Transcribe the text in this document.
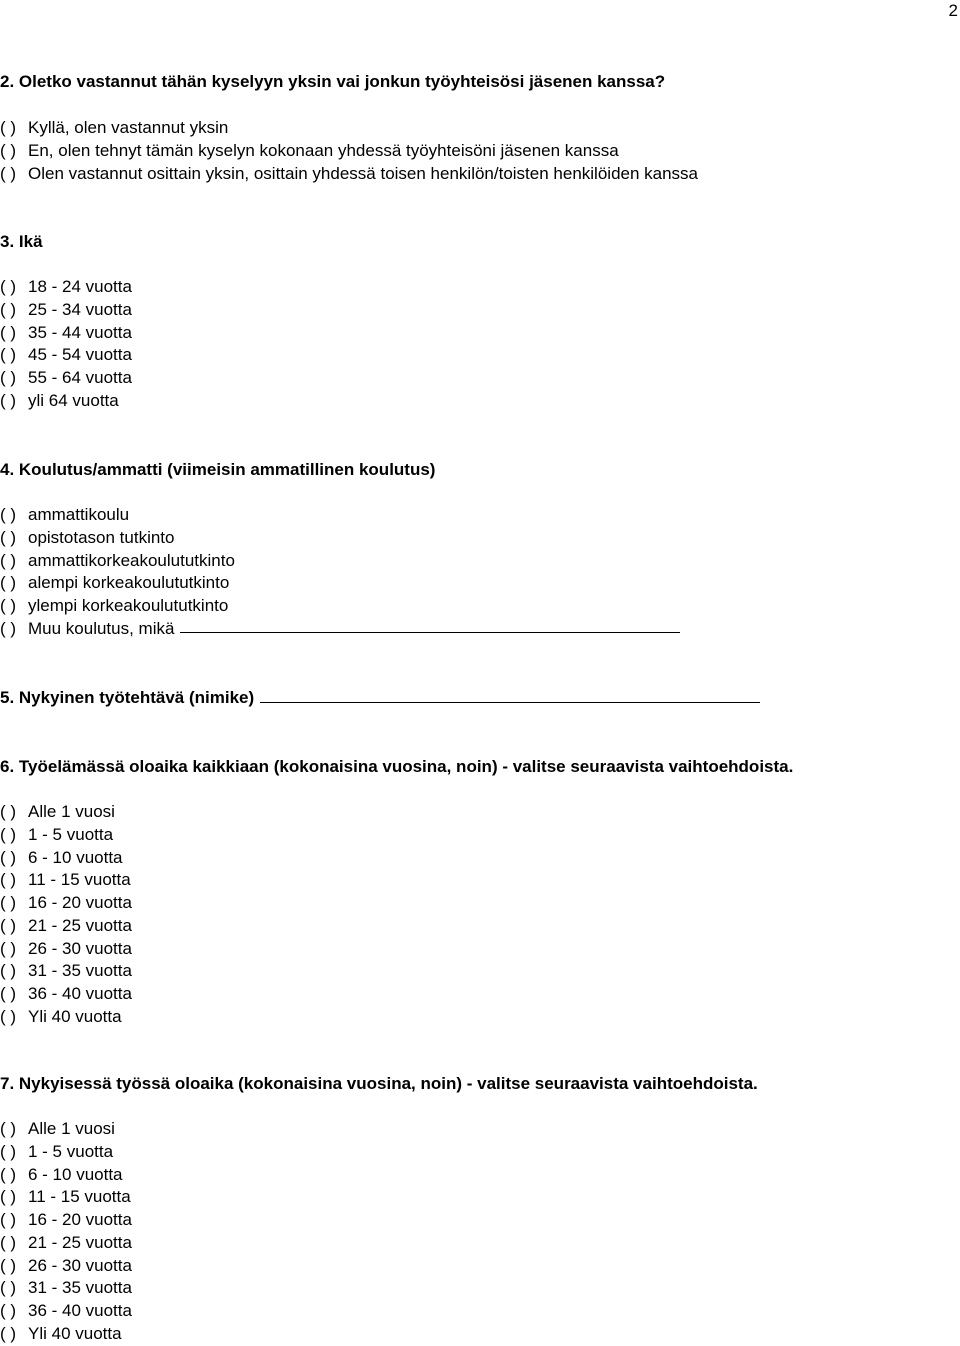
2
2. Oletko vastannut tähän kyselyyn yksin vai jonkun työyhteisösi jäsenen kanssa?
( ) Kyllä, olen vastannut yksin
( ) En, olen tehnyt tämän kyselyn kokonaan yhdessä työyhteisöni jäsenen kanssa
( ) Olen vastannut osittain yksin, osittain yhdessä toisen henkilön/toisten henkilöiden kanssa
3. Ikä
( ) 18 - 24 vuotta
( ) 25 - 34 vuotta
( ) 35 - 44 vuotta
( ) 45 - 54 vuotta
( ) 55 - 64 vuotta
( ) yli 64 vuotta
4. Koulutus/ammatti (viimeisin ammatillinen koulutus)
( ) ammattikoulu
( ) opistotason tutkinto
( ) ammattikorkeakoulututkinto
( ) alempi korkeakoulututkinto
( ) ylempi korkeakoulututkinto
( ) Muu koulutus, mikä
5. Nykyinen työtehtävä (nimike)
6. Työelämässä oloaika kaikkiaan (kokonaisina vuosina, noin) - valitse seuraavista vaihtoehdoista.
( ) Alle 1 vuosi
( ) 1 - 5 vuotta
( ) 6 - 10 vuotta
( ) 11 - 15 vuotta
( ) 16 - 20 vuotta
( ) 21 - 25 vuotta
( ) 26 - 30 vuotta
( ) 31 - 35 vuotta
( ) 36 - 40 vuotta
( ) Yli 40 vuotta
7. Nykyisessä työssä oloaika (kokonaisina vuosina, noin) - valitse seuraavista vaihtoehdoista.
( ) Alle 1 vuosi
( ) 1 - 5 vuotta
( ) 6 - 10 vuotta
( ) 11 - 15 vuotta
( ) 16 - 20 vuotta
( ) 21 - 25 vuotta
( ) 26 - 30 vuotta
( ) 31 - 35 vuotta
( ) 36 - 40 vuotta
( ) Yli 40 vuotta
